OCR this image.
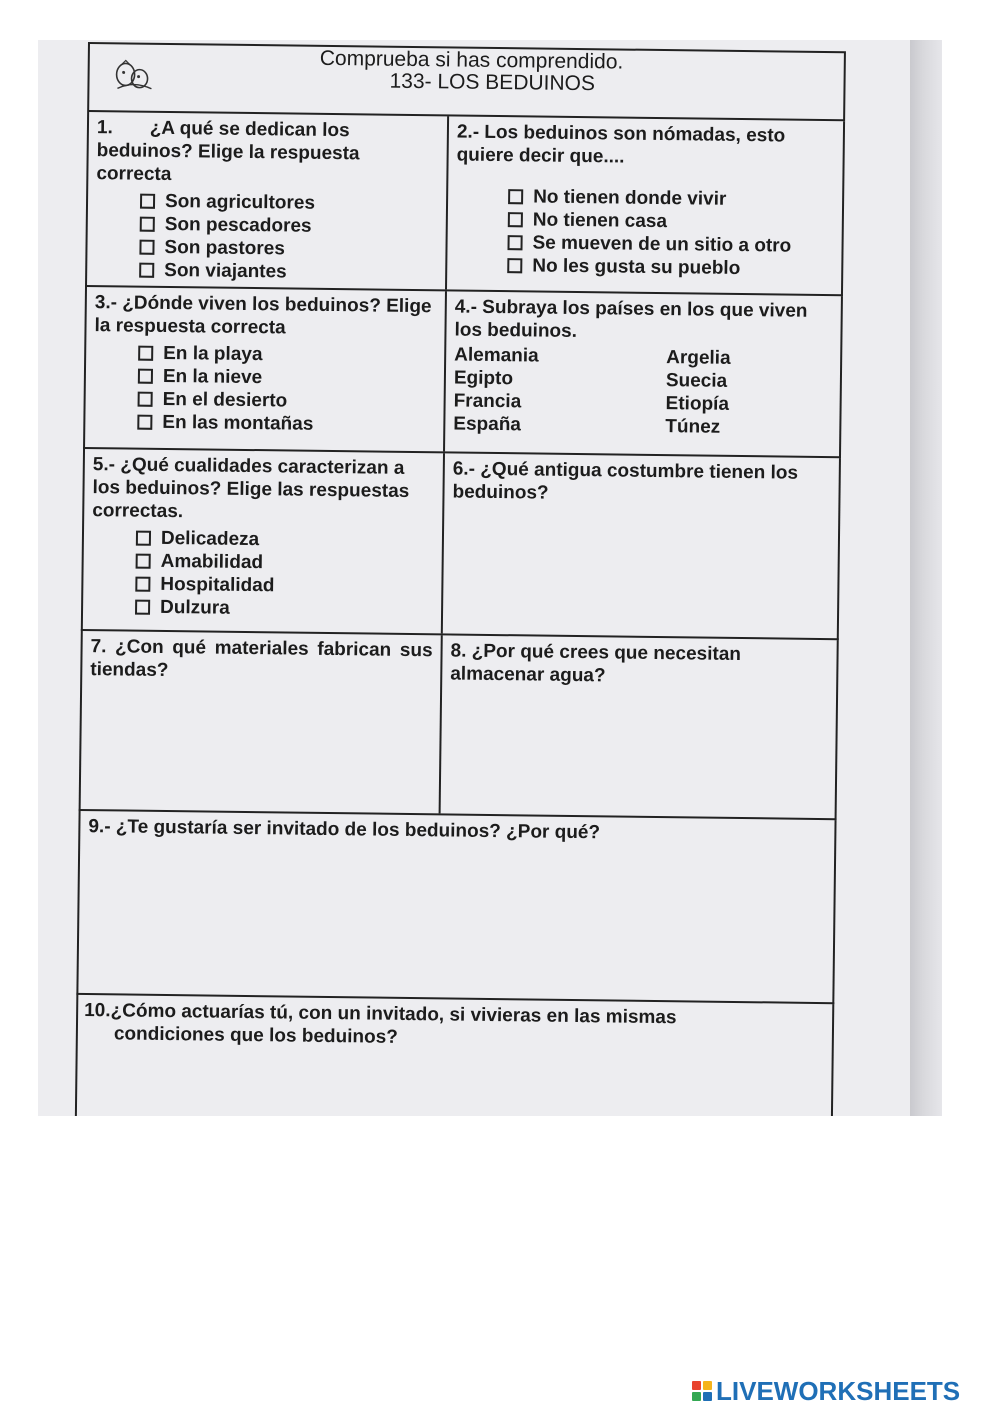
Comprueba si has comprendido.
133- LOS BEDUINOS
1. ¿A qué se dedican los beduinos? Elige la respuesta correcta
Son agricultores
Son pescadores
Son pastores
Son viajantes
2.- Los beduinos son nómadas, esto quiere decir que....
No tienen donde vivir
No tienen casa
Se mueven de un sitio a otro
No les gusta su pueblo
3.- ¿Dónde viven los beduinos? Elige la respuesta correcta
En la playa
En la nieve
En el desierto
En las montañas
4.- Subraya los países en los que viven los beduinos.
Alemania	Argelia
Egipto	Suecia
Francia	Etiopía
España	Túnez
5.- ¿Qué cualidades caracterizan a los beduinos? Elige las respuestas correctas.
Delicadeza
Amabilidad
Hospitalidad
Dulzura
6.- ¿Qué antigua costumbre tienen los beduinos?
7. ¿Con qué materiales fabrican sus tiendas?
8. ¿Por qué crees que necesitan almacenar agua?
9.- ¿Te gustaría ser invitado de los beduinos? ¿Por qué?
10.¿Cómo actuarías tú, con un invitado, si vivieras en las mismas
condiciones que los beduinos?
LIVEWORKSHEETS
